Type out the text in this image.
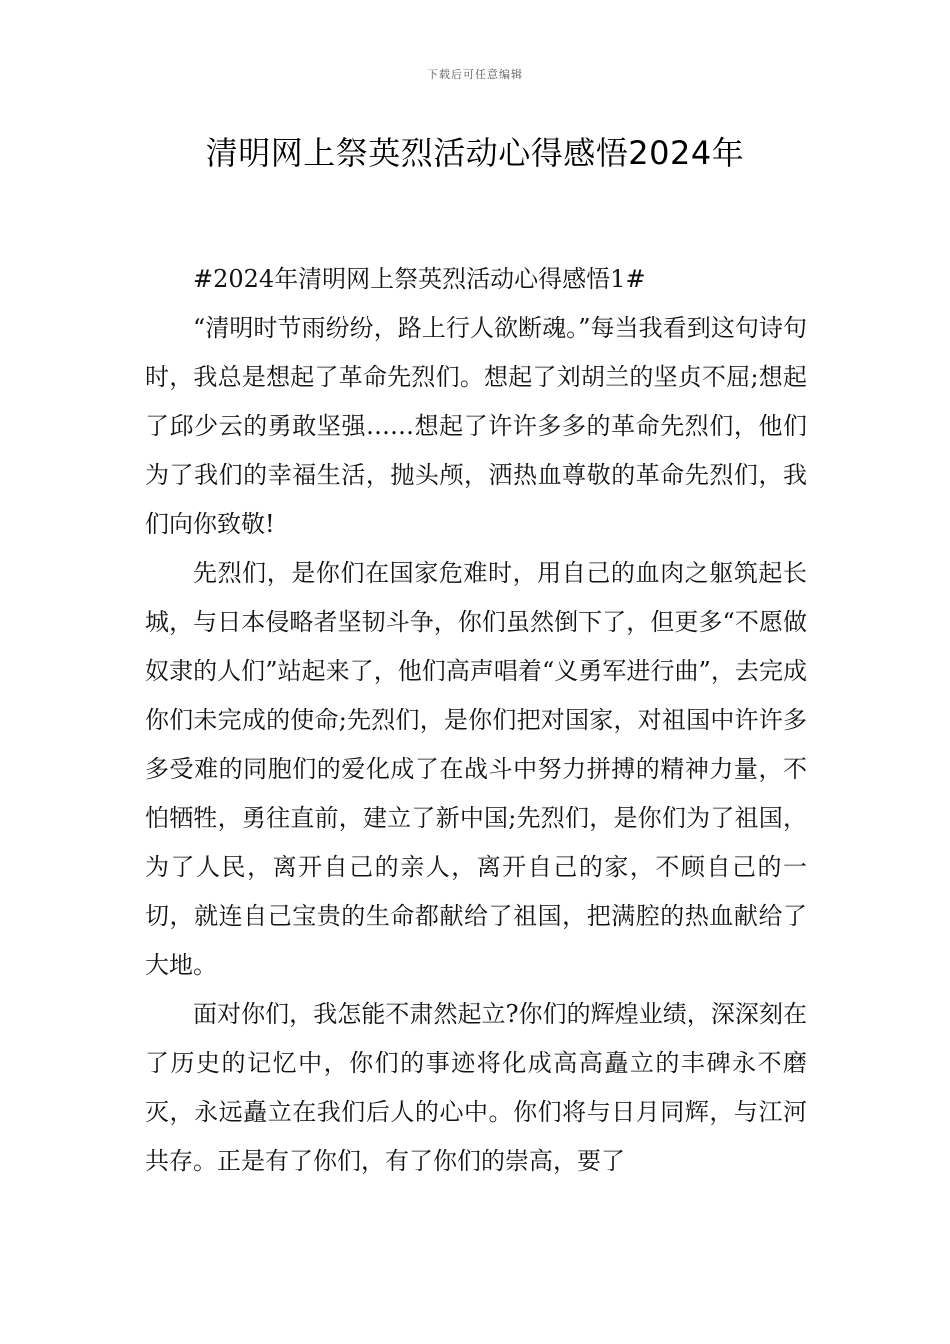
下载后可任意编辑
清明网上祭英烈活动心得感悟2024年

#2024年清明网上祭英烈活动心得感悟1#

“清明时节雨纷纷，路上行人欲断魂。”每当我看到这句诗句时，我总是想起了革命先烈们。想起了刘胡兰的坚贞不屈;想起了邱少云的勇敢坚强……想起了许许多多的革命先烈们，他们为了我们的幸福生活，抛头颅，洒热血尊敬的革命先烈们，我们向你致敬!

先烈们，是你们在国家危难时，用自己的血肉之躯筑起长城，与日本侵略者坚韧斗争，你们虽然倒下了，但更多“不愿做奴隶的人们”站起来了，他们高声唱着“义勇军进行曲”，去完成你们未完成的使命;先烈们，是你们把对国家，对祖国中许许多多受难的同胞们的爱化成了在战斗中努力拼搏的精神力量，不怕牺牲，勇往直前，建立了新中国;先烈们，是你们为了祖国，为了人民，离开自己的亲人，离开自己的家，不顾自己的一切，就连自己宝贵的生命都献给了祖国，把满腔的热血献给了大地。

面对你们，我怎能不肃然起立?你们的辉煌业绩，深深刻在了历史的记忆中，你们的事迹将化成高高矗立的丰碑永不磨灭，永远矗立在我们后人的心中。你们将与日月同辉，与江河共存。正是有了你们，有了你们的崇高，要了
